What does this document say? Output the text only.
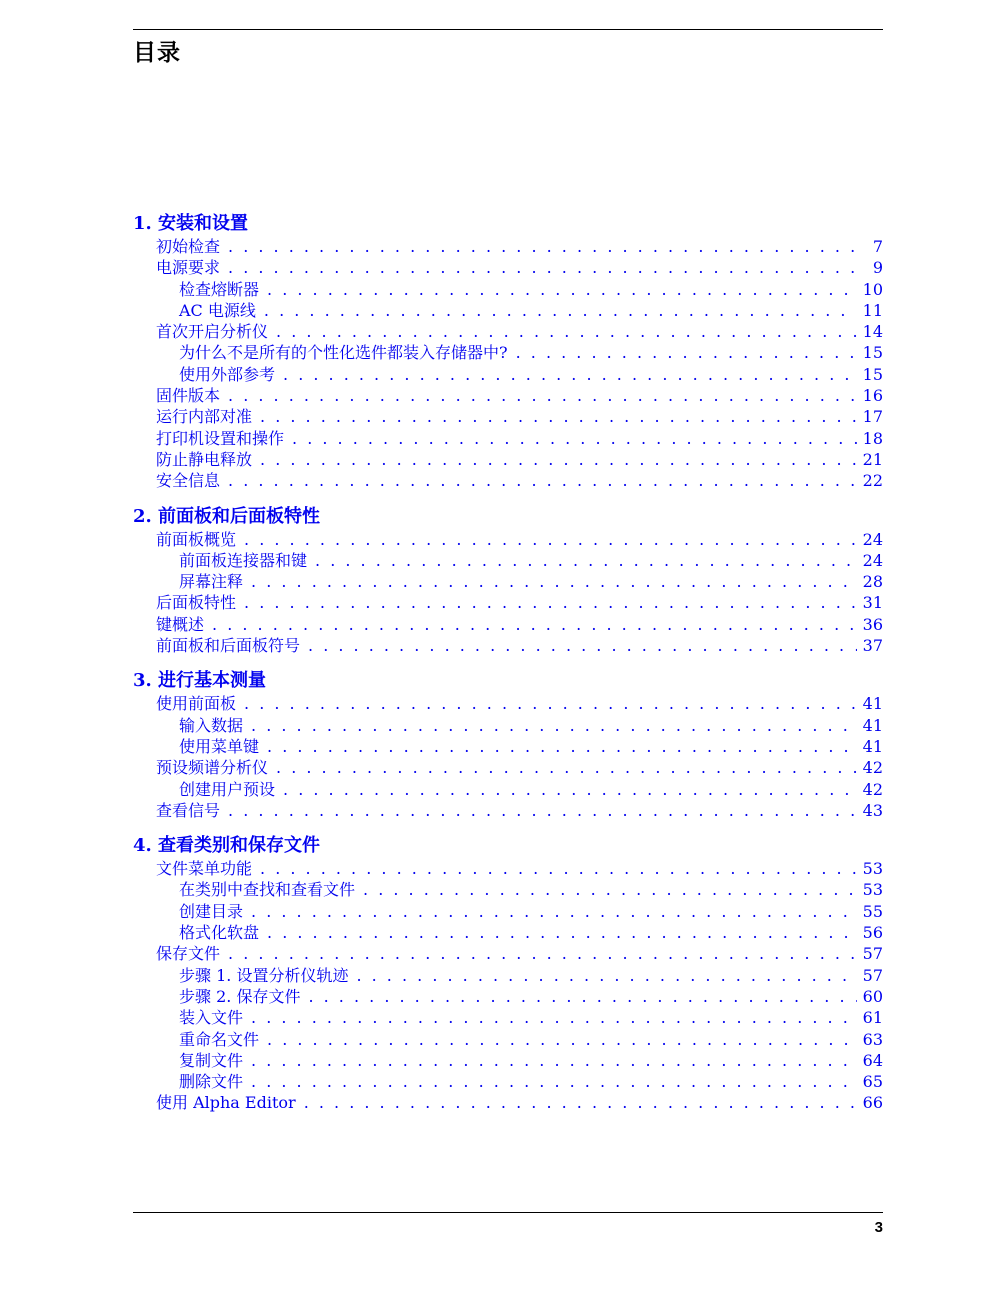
目录
1. 安装和设置
初始检查 . . .	7
电源要求 . . .	9
检查熔断器 . . .	10
AC 电源线 . . .	11
首次开启分析仪 . . .	14
为什么不是所有的个性化选件都装入存储器中? . . .	15
使用外部参考 . . .	15
固件版本 . . .	16
运行内部对准 . . .	17
打印机设置和操作 . . .	18
防止静电释放 . . .	21
安全信息 . . .	22
2. 前面板和后面板特性
前面板概览 . . .	24
前面板连接器和键 . . .	24
屏幕注释 . . .	28
后面板特性 . . .	31
键概述 . . .	36
前面板和后面板符号 . . .	37
3. 进行基本测量
使用前面板 . . .	41
输入数据 . . .	41
使用菜单键 . . .	41
预设频谱分析仪 . . .	42
创建用户预设 . . .	42
查看信号 . . .	43
4. 查看类别和保存文件
文件菜单功能 . . .	53
在类别中查找和查看文件 . . .	53
创建目录 . . .	55
格式化软盘 . . .	56
保存文件 . . .	57
步骤 1. 设置分析仪轨迹 . . .	57
步骤 2. 保存文件 . . .	60
装入文件 . . .	61
重命名文件 . . .	63
复制文件 . . .	64
删除文件 . . .	65
使用 Alpha Editor . . .	66
3
